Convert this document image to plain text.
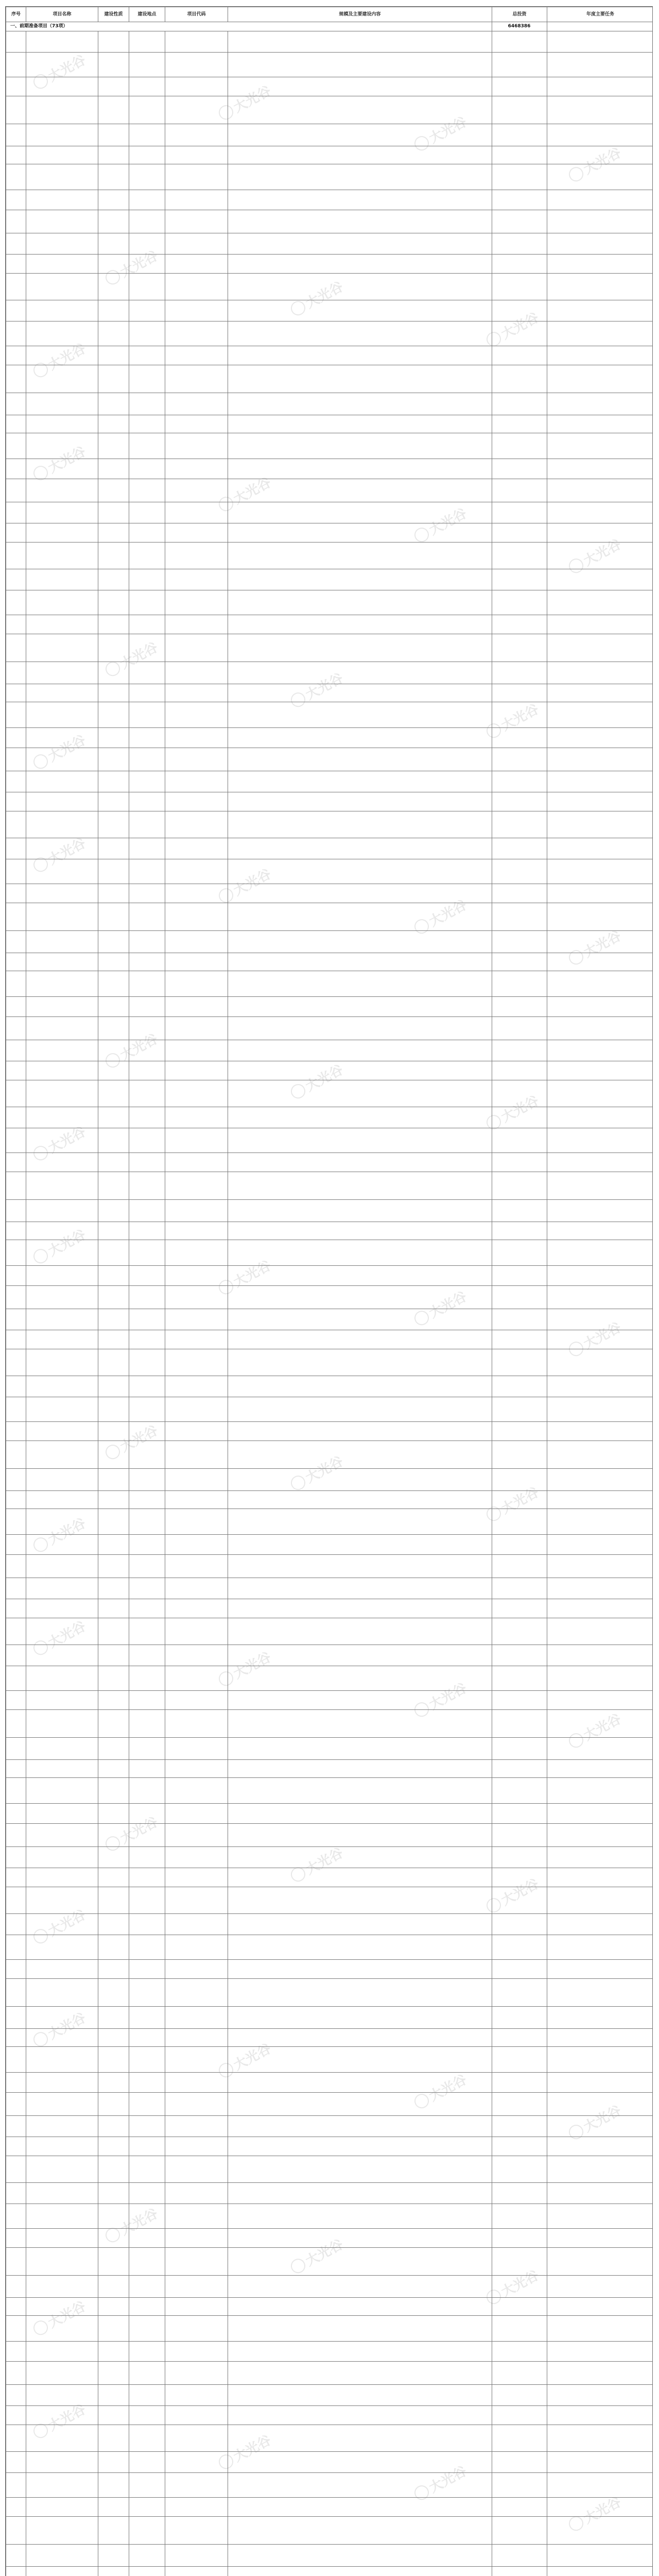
序号	项目名称	建设性质	建设地点	项目代码	规模及主要建设内容	总投资	年度主要任务
一、前期准备项目（73项）						6468386	

大光谷
大光谷
大光谷
大光谷
大光谷
大光谷
大光谷
大光谷
大光谷
大光谷
大光谷
大光谷
大光谷
大光谷
大光谷
大光谷
大光谷
大光谷
大光谷
大光谷
大光谷
大光谷
大光谷
大光谷
大光谷
大光谷
大光谷
大光谷
大光谷
大光谷
大光谷
大光谷
大光谷
大光谷
大光谷
大光谷
大光谷
大光谷
大光谷
大光谷
大光谷
大光谷
大光谷
大光谷
大光谷
大光谷
大光谷
大光谷
大光谷
大光谷
大光谷
大光谷
